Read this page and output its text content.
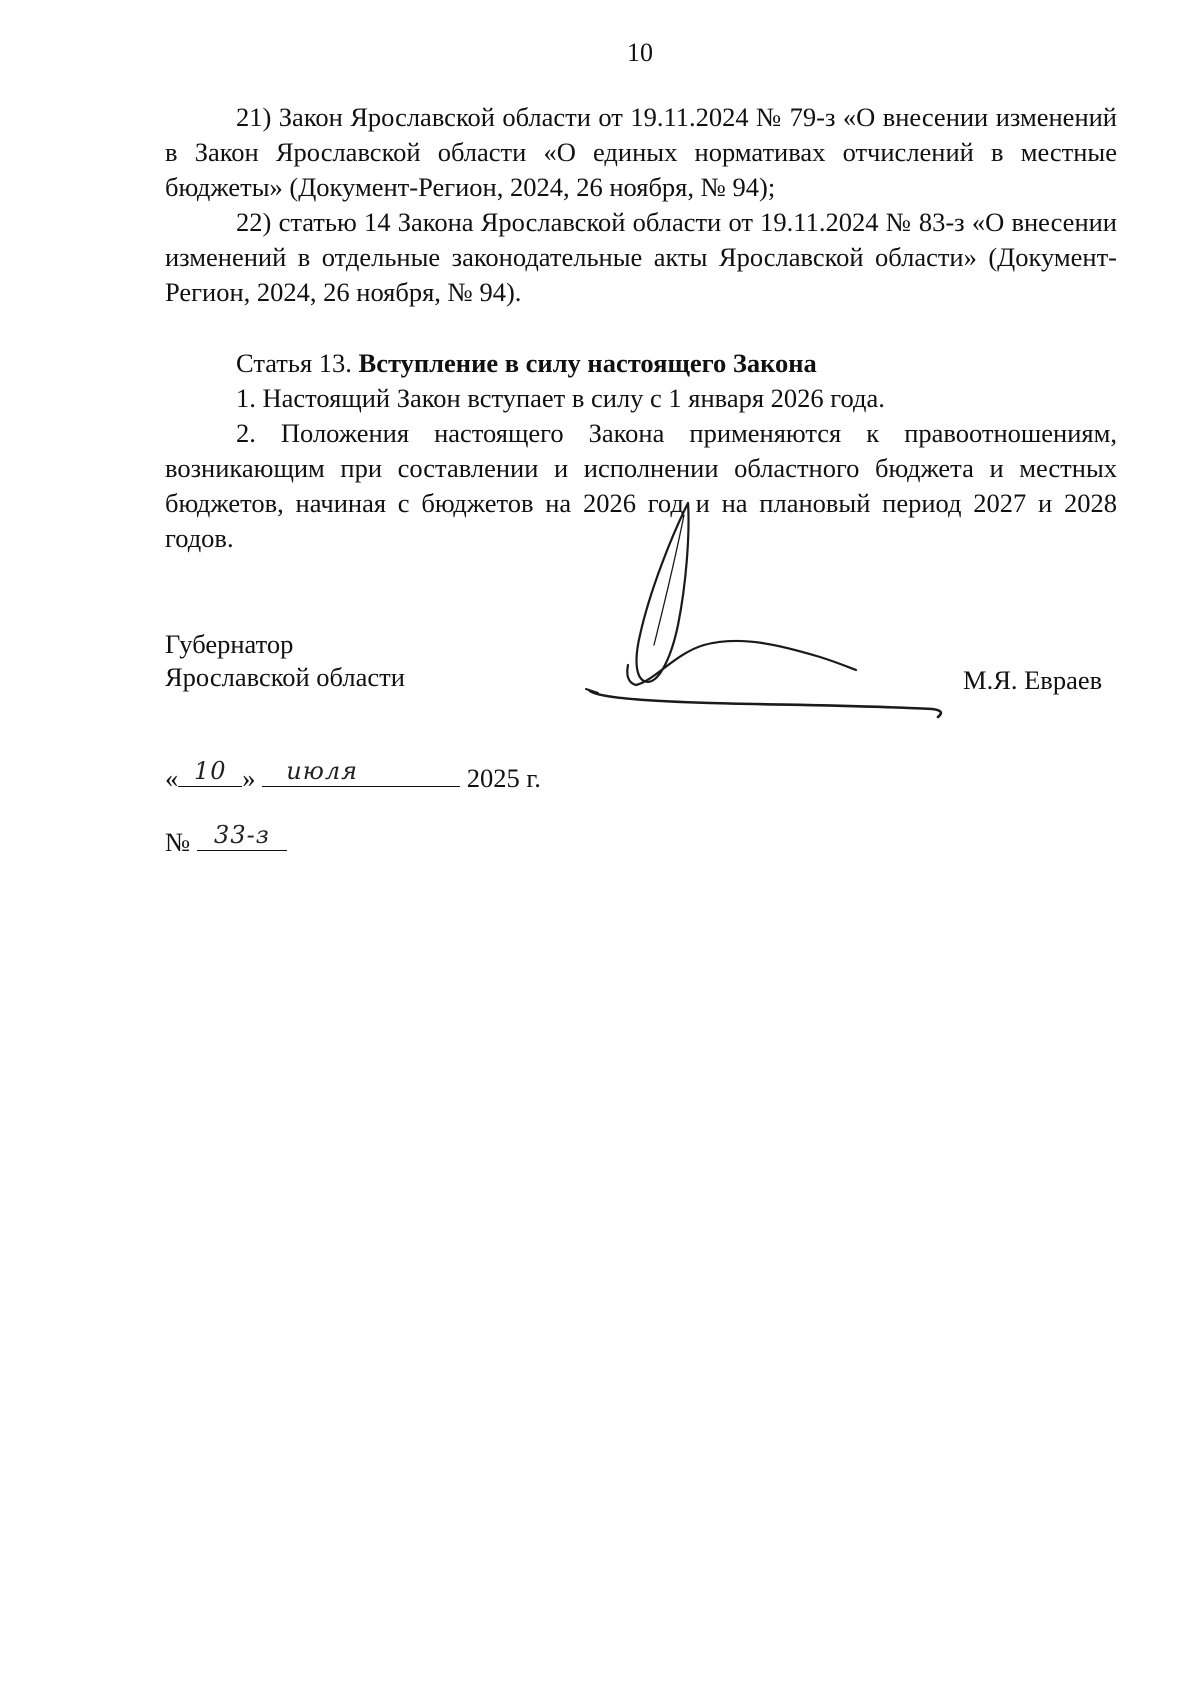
10

21) Закон Ярославской области от 19.11.2024 № 79-з «О внесении изменений в Закон Ярославской области «О единых нормативах отчислений в местные бюджеты» (Документ-Регион, 2024, 26 ноября, № 94);

22) статью 14 Закона Ярославской области от 19.11.2024 № 83-з «О внесении изменений в отдельные законодательные акты Ярославской области» (Документ-Регион, 2024, 26 ноября, № 94).

Статья 13. Вступление в силу настоящего Закона

1. Настоящий Закон вступает в силу с 1 января 2026 года.

2. Положения настоящего Закона применяются к правоотношениям, возникающим при составлении и исполнении областного бюджета и местных бюджетов, начиная с бюджетов на 2026 год и на плановый период 2027 и 2028 годов.

Губернатор
Ярославской области	М.Я. Евраев
« 10 »	июля	2025 г.
№ 33-з
